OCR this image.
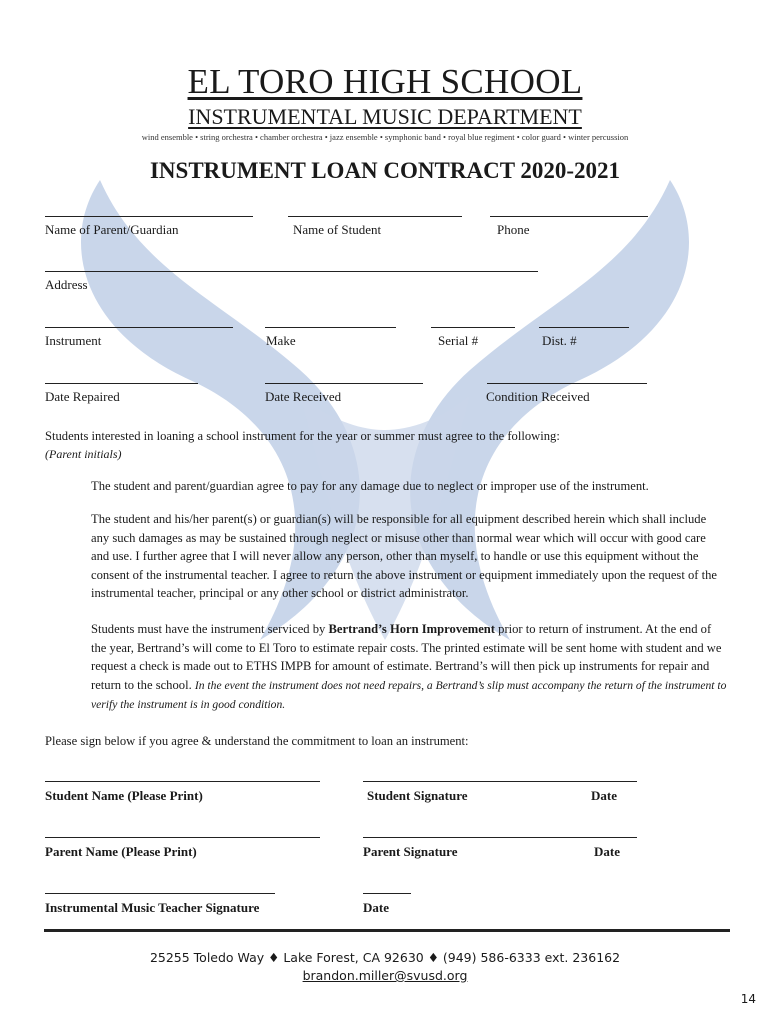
EL TORO HIGH SCHOOL
INSTRUMENTAL MUSIC DEPARTMENT
wind ensemble • string orchestra • chamber orchestra • jazz ensemble • symphonic band • royal blue regiment • color guard • winter percussion
INSTRUMENT LOAN CONTRACT 2020-2021
Name of Parent/Guardian	Name of Student	Phone
Address
Instrument	Make	Serial #	Dist. #
Date Repaired	Date Received	Condition Received
Students interested in loaning a school instrument for the year or summer must agree to the following:
(Parent initials)
The student and parent/guardian agree to pay for any damage due to neglect or improper use of the instrument.
The student and his/her parent(s) or guardian(s) will be responsible for all equipment described herein which shall include any such damages as may be sustained through neglect or misuse other than normal wear which will occur with good care and use. I further agree that I will never allow any person, other than myself, to handle or use this equipment without the consent of the instrumental teacher. I agree to return the above instrument or equipment immediately upon the request of the instrumental teacher, principal or any other school or district administrator.
Students must have the instrument serviced by Bertrand’s Horn Improvement prior to return of instrument. At the end of the year, Bertrand’s will come to El Toro to estimate repair costs. The printed estimate will be sent home with student and we request a check is made out to ETHS IMPB for amount of estimate. Bertrand’s will then pick up instruments for repair and return to the school. In the event the instrument does not need repairs, a Bertrand’s slip must accompany the return of the instrument to verify the instrument is in good condition.
Please sign below if you agree & understand the commitment to loan an instrument:
Student Name (Please Print)	Student Signature	Date
Parent Name (Please Print)	Parent Signature	Date
Instrumental Music Teacher Signature	Date
25255 Toledo Way ♦ Lake Forest, CA 92630 ♦ (949) 586-6333 ext. 236162
brandon.miller@svusd.org
14
